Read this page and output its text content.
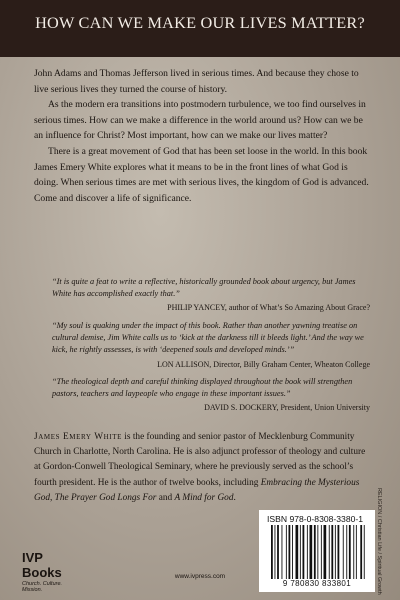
HOW CAN WE MAKE OUR LIVES MATTER?

John Adams and Thomas Jefferson lived in serious times. And because they chose to live serious lives they turned the course of history.

As the modern era transitions into postmodern turbulence, we too find ourselves in serious times. How can we make a difference in the world around us? How can we be an influence for Christ? Most important, how can we make our lives matter?

There is a great movement of God that has been set loose in the world. In this book James Emery White explores what it means to be in the front lines of what God is doing. When serious times are met with serious lives, the kingdom of God is advanced. Come and discover a life of significance.

“It is quite a feat to write a reflective, historically grounded book about urgency, but James White has accomplished exactly that.”

PHILIP YANCEY, author of What’s So Amazing About Grace?

“My soul is quaking under the impact of this book. Rather than another yawning treatise on cultural demise, Jim White calls us to ‘kick at the darkness till it bleeds light.’ And the way we kick, he rightly assesses, is with ‘deepened souls and developed minds.’”

LON ALLISON, Director, Billy Graham Center, Wheaton College

“The theological depth and careful thinking displayed throughout the book will strengthen pastors, teachers and laypeople who engage in these important issues.”

DAVID S. DOCKERY, President, Union University

James Emery White is the founding and senior pastor of Mecklenburg Community Church in Charlotte, North Carolina. He is also adjunct professor of theology and culture at Gordon-Conwell Theological Seminary, where he previously served as the school’s fourth president. He is the author of twelve books, including Embracing the Mysterious God, The Prayer God Longs For and A Mind for God.	RELIGION / Christian Life / Spiritual Growth
IVP Books
Church. Culture. Mission.
www.ivpress.com
ISBN 978-0-8308-3380-1
9 780830 833801
